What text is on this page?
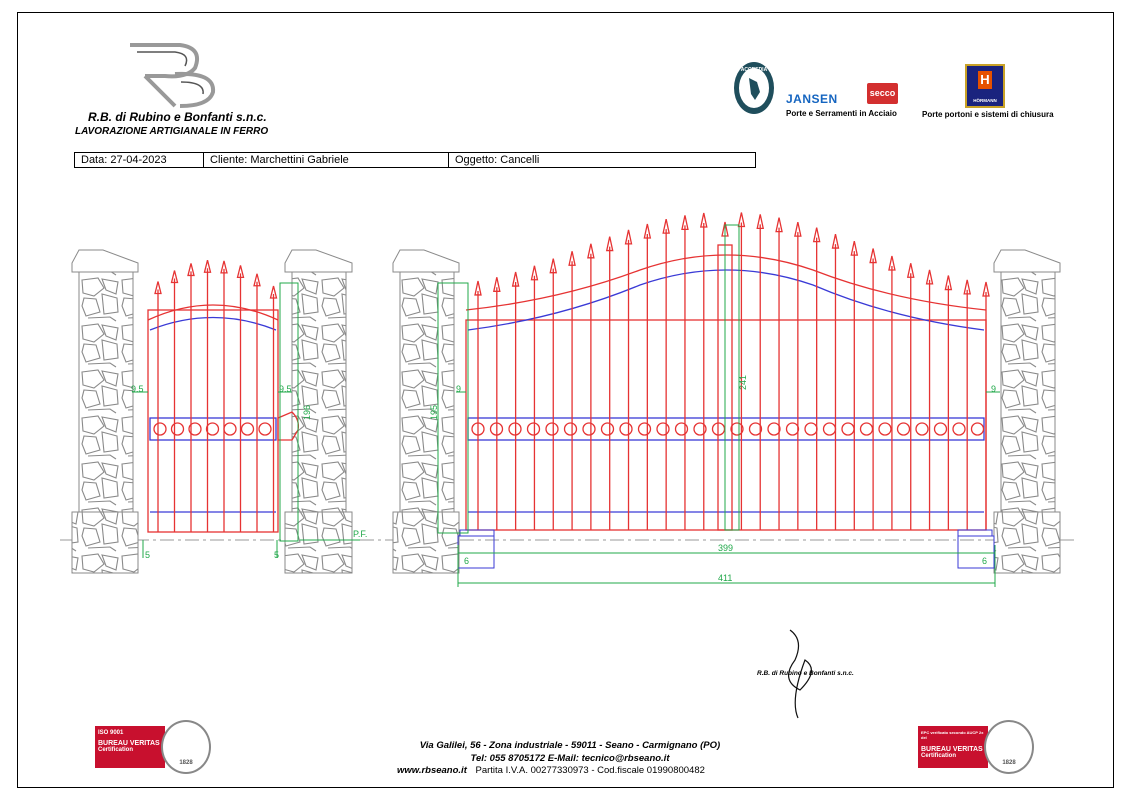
R.B. di Rubino e Bonfanti s.n.c.
LAVORAZIONE ARTIGIANALE IN FERRO
Data: 27-04-2023	Cliente: Marchettini Gabriele	Oggetto: Cancelli
ACCREDIA
JANSEN	secco
Porte e Serramenti in Acciaio
H
HÖRMANN
Porte portoni e sistemi di chiusura
9.5	9.5
196
5	5
P.F.
195
241
9	9
6	6
399
411
R.B. di Rubino e Bonfanti s.n.c.
ISO 9001
BUREAU VERITAS
Certification
1828
EPC verificato secondo AUCP 2x del
BUREAU VERITAS
Certification
1828
Via Galilei, 56 - Zona industriale - 59011 - Seano - Carmignano (PO)
Tel: 055 8705172 E-Mail: tecnico@rbseano.it
www.rbseano.it Partita I.V.A. 00277330973 - Cod.fiscale 01990800482
